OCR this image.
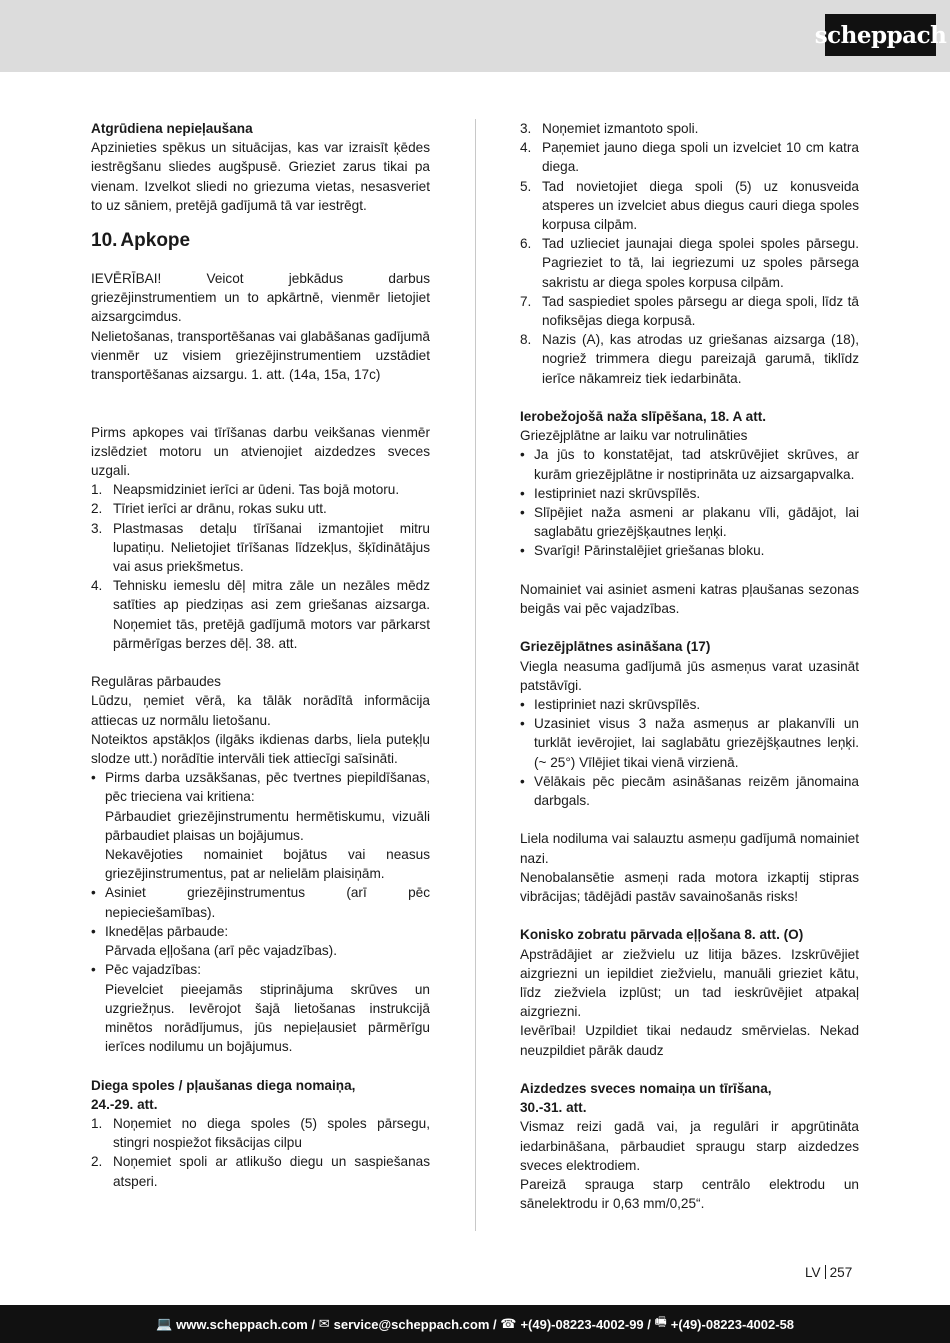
scheppach

Atgrūdiena nepieļaušana

Apzinieties spēkus un situācijas, kas var izraisīt ķēdes iestrēgšanu sliedes augšpusē. Grieziet zarus tikai pa vienam. Izvelkot sliedi no griezuma vietas, nesasveriet to uz sāniem, pretējā gadījumā tā var iestrēgt.

10. Apkope

IEVĒRĪBAI! Veicot jebkādus darbus griezējinstrumentiem un to apkārtnē, vienmēr lietojiet aizsargcimdus.

Nelietošanas, transportēšanas vai glabāšanas gadījumā vienmēr uz visiem griezējinstrumentiem uzstādiet transportēšanas aizsargu. 1. att. (14a, 15a, 17c)

Pirms apkopes vai tīrīšanas darbu veikšanas vienmēr izslēdziet motoru un atvienojiet aizdedzes sveces uzgali.

1. Neapsmidziniet ierīci ar ūdeni. Tas bojā motoru.
2. Tīriet ierīci ar drānu, rokas suku utt.
3. Plastmasas detaļu tīrīšanai izmantojiet mitru lupatiņu. Nelietojiet tīrīšanas līdzekļus, šķīdinātājus vai asus priekšmetus.
4. Tehnisku iemeslu dēļ mitra zāle un nezāles mēdz satīties ap piedziņas asi zem griešanas aizsarga. Noņemiet tās, pretējā gadījumā motors var pārkarst pārmērīgas berzes dēļ. 38. att.

Regulāras pārbaudes

Lūdzu, ņemiet vērā, ka tālāk norādītā informācija attiecas uz normālu lietošanu.

Noteiktos apstākļos (ilgāks ikdienas darbs, liela puteķļu slodze utt.) norādītie intervāli tiek attiecīgi saīsināti.

• Pirms darba uzsākšanas, pēc tvertnes piepildīšanas, pēc trieciena vai kritiena:
Pārbaudiet griezējinstrumentu hermētiskumu, vizuāli pārbaudiet plaisas un bojājumus.
Nekavējoties nomainiet bojātus vai neasus griezējinstrumentus, pat ar nelielām plaisiņām.
• Asiniet griezējinstrumentus (arī pēc nepieciešamības).
• Iknedēļas pārbaude:
Pārvada eļļošana (arī pēc vajadzības).
• Pēc vajadzības:
Pievelciet pieejamās stiprinājuma skrūves un uzgriežņus. Ievērojot šajā lietošanas instrukcijā minētos norādījumus, jūs nepieļausiet pārmērīgu ierīces nodilumu un bojājumus.

Diega spoles / pļaušanas diega nomaiņa,

24.-29. att.

1. Noņemiet no diega spoles (5) spoles pārsegu, stingri nospiežot fiksācijas cilpu
2. Noņemiet spoli ar atlikušo diegu un saspiešanas atsperi.
3. Noņemiet izmantoto spoli.
4. Paņemiet jauno diega spoli un izvelciet 10 cm katra diega.
5. Tad novietojiet diega spoli (5) uz konusveida atsperes un izvelciet abus diegus cauri diega spoles korpusa cilpām.
6. Tad uzlieciet jaunajai diega spolei spoles pārsegu. Pagrieziet to tā, lai iegriezumi uz spoles pārsega sakristu ar diega spoles korpusa cilpām.
7. Tad saspiediet spoles pārsegu ar diega spoli, līdz tā nofiksējas diega korpusā.
8. Nazis (A), kas atrodas uz griešanas aizsarga (18), nogriež trimmera diegu pareizajā garumā, tiklīdz ierīce nākamreiz tiek iedarbināta.

Ierobežojošā naža slīpēšana, 18. A att.

Griezējplātne ar laiku var notrulināties

• Ja jūs to konstatējat, tad atskrūvējiet skrūves, ar kurām griezējplātne ir nostiprināta uz aizsargapvalka.
• Iestipriniet nazi skrūvspīlēs.
• Slīpējiet naža asmeni ar plakanu vīli, gādājot, lai saglabātu griezējšķautnes leņķi.
• Svarīgi! Pārinstalējiet griešanas bloku.

Nomainiet vai asiniet asmeni katras pļaušanas sezonas beigās vai pēc vajadzības.

Griezējplātnes asināšana (17)

Viegla neasuma gadījumā jūs asmeņus varat uzasināt patstāvīgi.

• Iestipriniet nazi skrūvspīlēs.
• Uzasiniet visus 3 naža asmeņus ar plakanvīli un turklāt ievērojiet, lai saglabātu griezējšķautnes leņķi. (~ 25°) Vīlējiet tikai vienā virzienā.
• Vēlākais pēc piecām asināšanas reizēm jānomaina darbgals.

Liela nodiluma vai salauztu asmeņu gadījumā nomainiet nazi.

Nenobalansētie asmeņi rada motora izkaptij stipras vibrācijas; tādējādi pastāv savainošanās risks!

Konisko zobratu pārvada eļļošana 8. att. (O)

Apstrādājiet ar ziežvielu uz litija bāzes. Izskrūvējiet aizgriezni un iepildiet ziežvielu, manuāli grieziet kātu, līdz ziežviela izplūst; un tad ieskrūvējiet atpakaļ aizgriezni.

Ievērībai! Uzpildiet tikai nedaudz smērvielas. Nekad neuzpildiet pārāk daudz

Aizdedzes sveces nomaiņa un tīrīšana,

30.-31. att.

Vismaz reizi gadā vai, ja regulāri ir apgrūtināta iedarbināšana, pārbaudiet spraugu starp aizdedzes sveces elektrodiem.

Pareizā sprauga starp centrālo elektrodu un sānelektrodu ir 0,63 mm/0,25“.

LV 257
💻 www.scheppach.com / ✉ service@scheppach.com / ☎ +(49)-08223-4002-99 / 🖷 +(49)-08223-4002-58
